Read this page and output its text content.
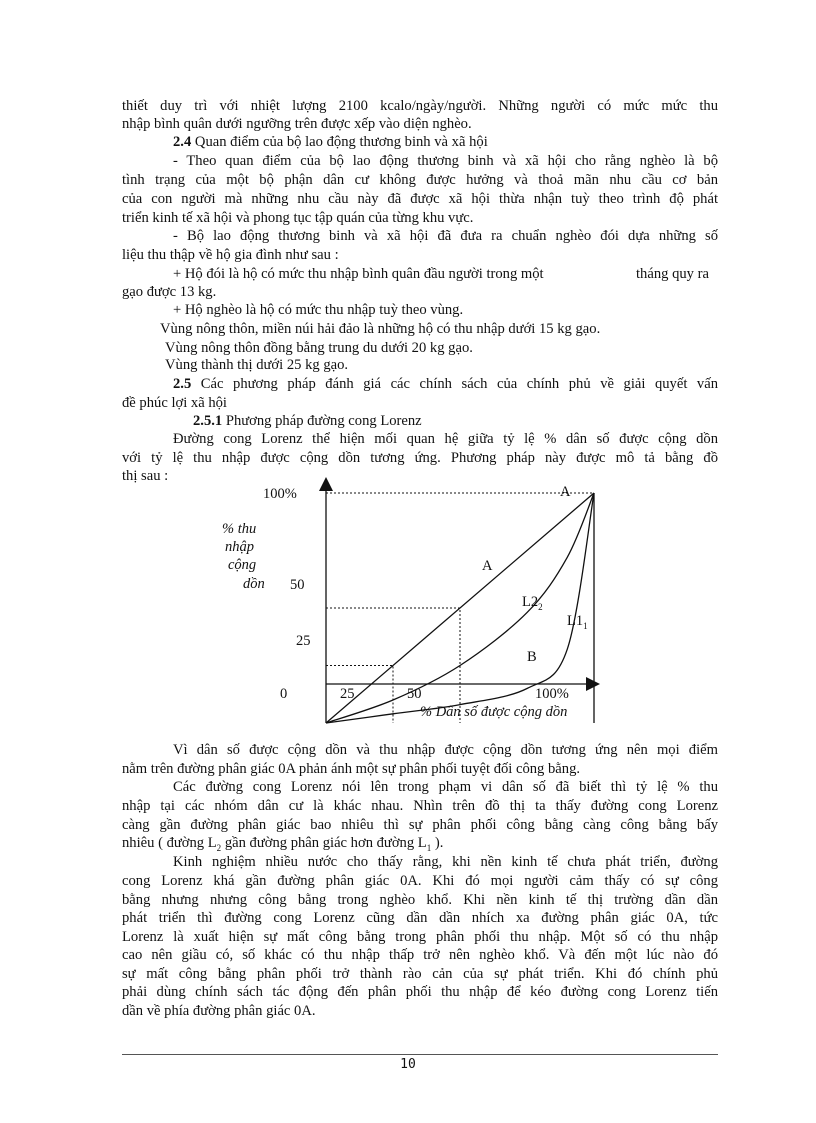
thiết duy trì với nhiệt lượng 2100 kcalo/ngày/người. Những người có mức mức thu
nhập bình quân dưới ngưỡng trên được xếp vào diện nghèo.
2.4 Quan điểm của bộ lao động thương binh và xã hội
- Theo quan điểm của bộ lao động thương binh và xã hội cho rằng nghèo là bộ
tình trạng của một bộ phận dân cư không được hưởng và thoả mãn nhu cầu cơ bản
của con người mà những nhu cầu này đã được xã hội thừa nhận tuỳ theo trình độ phát
triển kinh tế xã hội và phong tục tập quán của từng khu vực.
- Bộ lao động thương binh và xã hội đã đưa ra chuẩn nghèo đói dựa những số
liệu thu thập về hộ gia đình như sau :
+ Hộ đói là hộ có mức thu nhập bình quân đầu người trong một	tháng quy ra
gạo được 13 kg.
+ Hộ nghèo là hộ có mức thu nhập tuỳ theo vùng.
Vùng nông thôn, miền núi hải đảo là những hộ có thu nhập dưới 15 kg gạo.
Vùng nông thôn đồng bằng trung du dưới 20 kg gạo.
Vùng thành thị dưới 25 kg gạo.
2.5 Các phương pháp đánh giá các chính sách của chính phủ về giải quyết vấn
đề phúc lợi xã hội
2.5.1 Phương pháp đường cong Lorenz
Đường cong Lorenz thể hiện mối quan hệ giữa tỷ lệ % dân số được cộng dồn
với tỷ lệ thu nhập được cộng dồn tương ứng. Phương pháp này được mô tả bằng đồ
thị sau :
100%
50
25
0
% thu
nhập
cộng
dồn
25	50	100%
% Dân số được cộng dồn
A
A
B
$L2_2$
$L1_1$
Vì dân số được cộng dồn và thu nhập được cộng dồn tương ứng nên mọi điểm
nằm trên đường phân giác 0A phản ánh một sự phân phối tuyệt đối công bằng.
Các đường cong Lorenz nói lên trong phạm vi dân số đã biết thì tỷ lệ % thu
nhập tại các nhóm dân cư là khác nhau. Nhìn trên đồ thị ta thấy đường cong Lorenz
càng gần đường phân giác bao nhiêu thì sự phân phối công bằng càng công bằng bấy
nhiêu ( đường $L_2$ gần đường phân giác hơn đường $L_1$ ).
Kinh nghiệm nhiều nước cho thấy rằng, khi nền kinh tế chưa phát triển, đường
cong Lorenz khá gần đường phân giác 0A. Khi đó mọi người cảm thấy có sự công
bằng nhưng nhưng công bằng trong nghèo khổ. Khi nền kinh tế thị trường dần dần
phát triển thì đường cong Lorenz cũng dần dần nhích xa đường phân giác 0A, tức
Lorenz là xuất hiện sự mất công bằng trong phân phối thu nhập. Một số có thu nhập
cao nên giầu có, số khác có thu nhập thấp trở nên nghèo khổ. Và đến một lúc nào đó
sự mất công bằng phân phối trở thành rào cản của sự phát triển. Khi đó chính phủ
phải dùng chính sách tác động đến phân phối thu nhập để kéo đường cong Lorenz tiến
dần về phía đường phân giác 0A.
10
